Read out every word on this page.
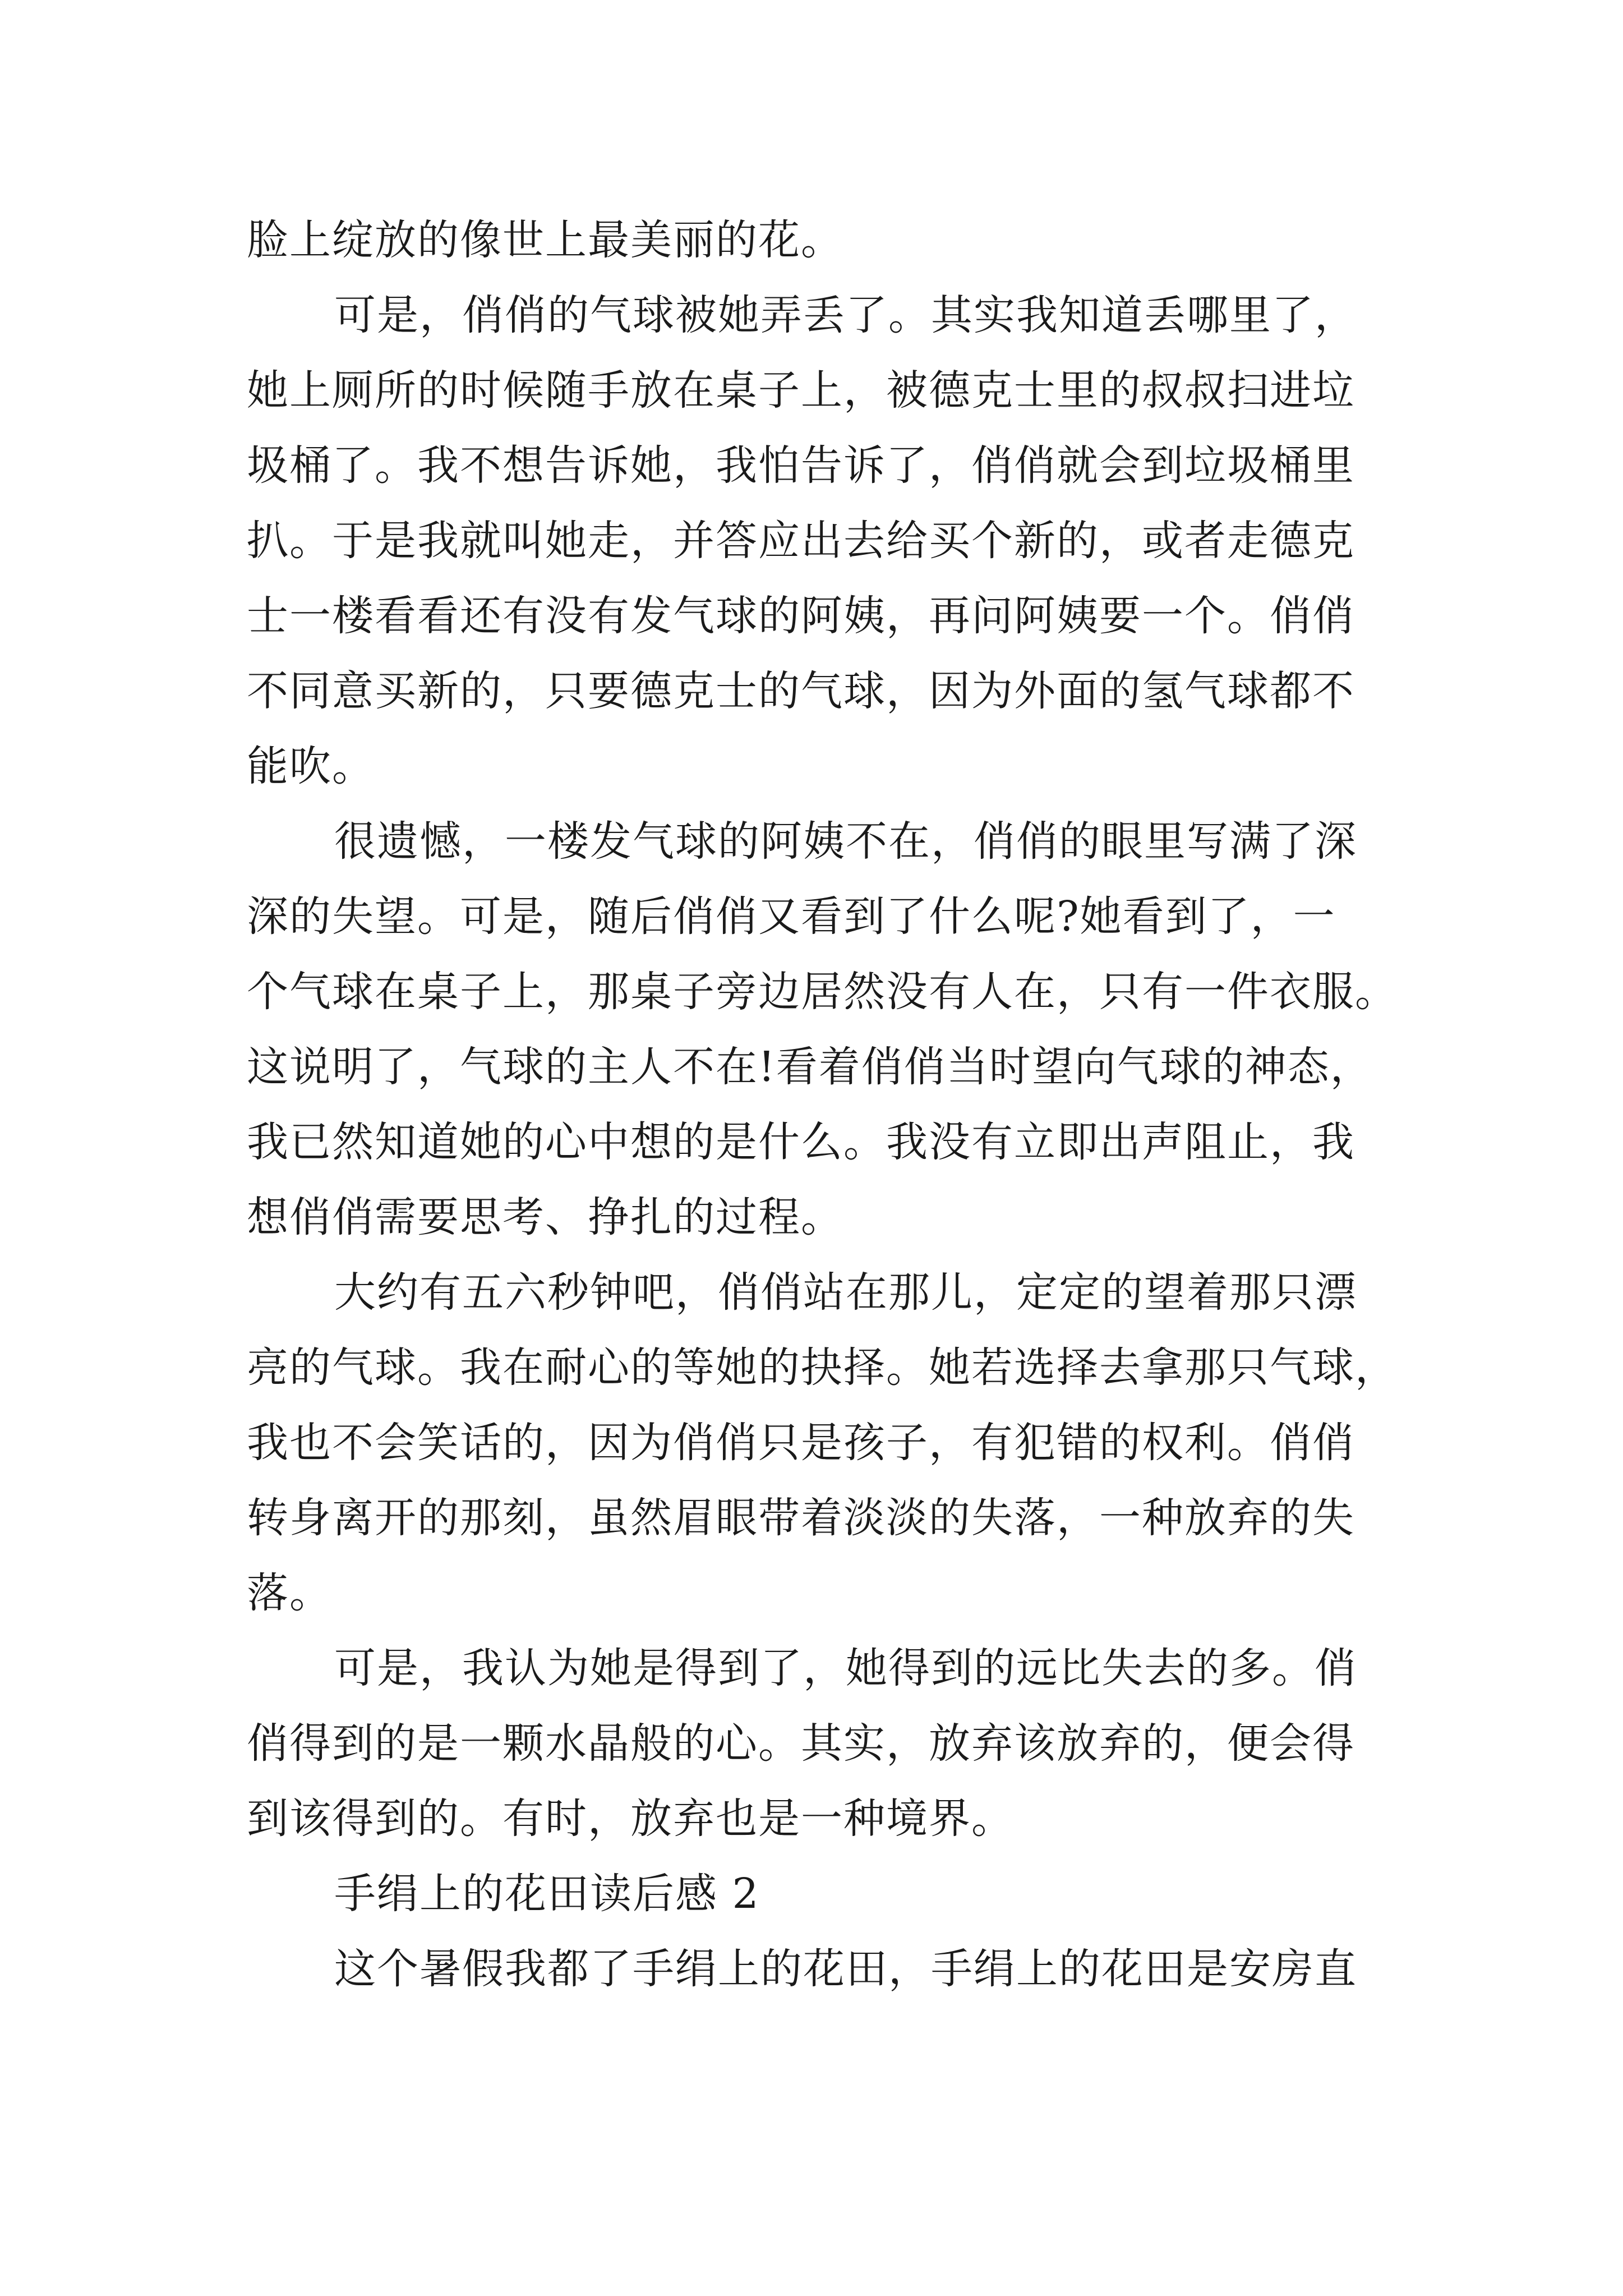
脸上绽放的像世上最美丽的花。
可是，俏俏的气球被她弄丢了。其实我知道丢哪里了，
她上厕所的时候随手放在桌子上，被德克士里的叔叔扫进垃
圾桶了。我不想告诉她，我怕告诉了，俏俏就会到垃圾桶里
扒。于是我就叫她走，并答应出去给买个新的，或者走德克
士一楼看看还有没有发气球的阿姨，再问阿姨要一个。俏俏
不同意买新的，只要德克士的气球，因为外面的氢气球都不
能吹。
很遗憾，一楼发气球的阿姨不在，俏俏的眼里写满了深
深的失望。可是，随后俏俏又看到了什么呢?她看到了，一
个气球在桌子上，那桌子旁边居然没有人在，只有一件衣服。
这说明了，气球的主人不在!看着俏俏当时望向气球的神态，
我已然知道她的心中想的是什么。我没有立即出声阻止，我
想俏俏需要思考、挣扎的过程。
大约有五六秒钟吧，俏俏站在那儿，定定的望着那只漂
亮的气球。我在耐心的等她的抉择。她若选择去拿那只气球，
我也不会笑话的，因为俏俏只是孩子，有犯错的权利。俏俏
转身离开的那刻，虽然眉眼带着淡淡的失落，一种放弃的失
落。
可是，我认为她是得到了，她得到的远比失去的多。俏
俏得到的是一颗水晶般的心。其实，放弃该放弃的，便会得
到该得到的。有时，放弃也是一种境界。
手绢上的花田读后感 2
这个暑假我都了手绢上的花田，手绢上的花田是安房直
